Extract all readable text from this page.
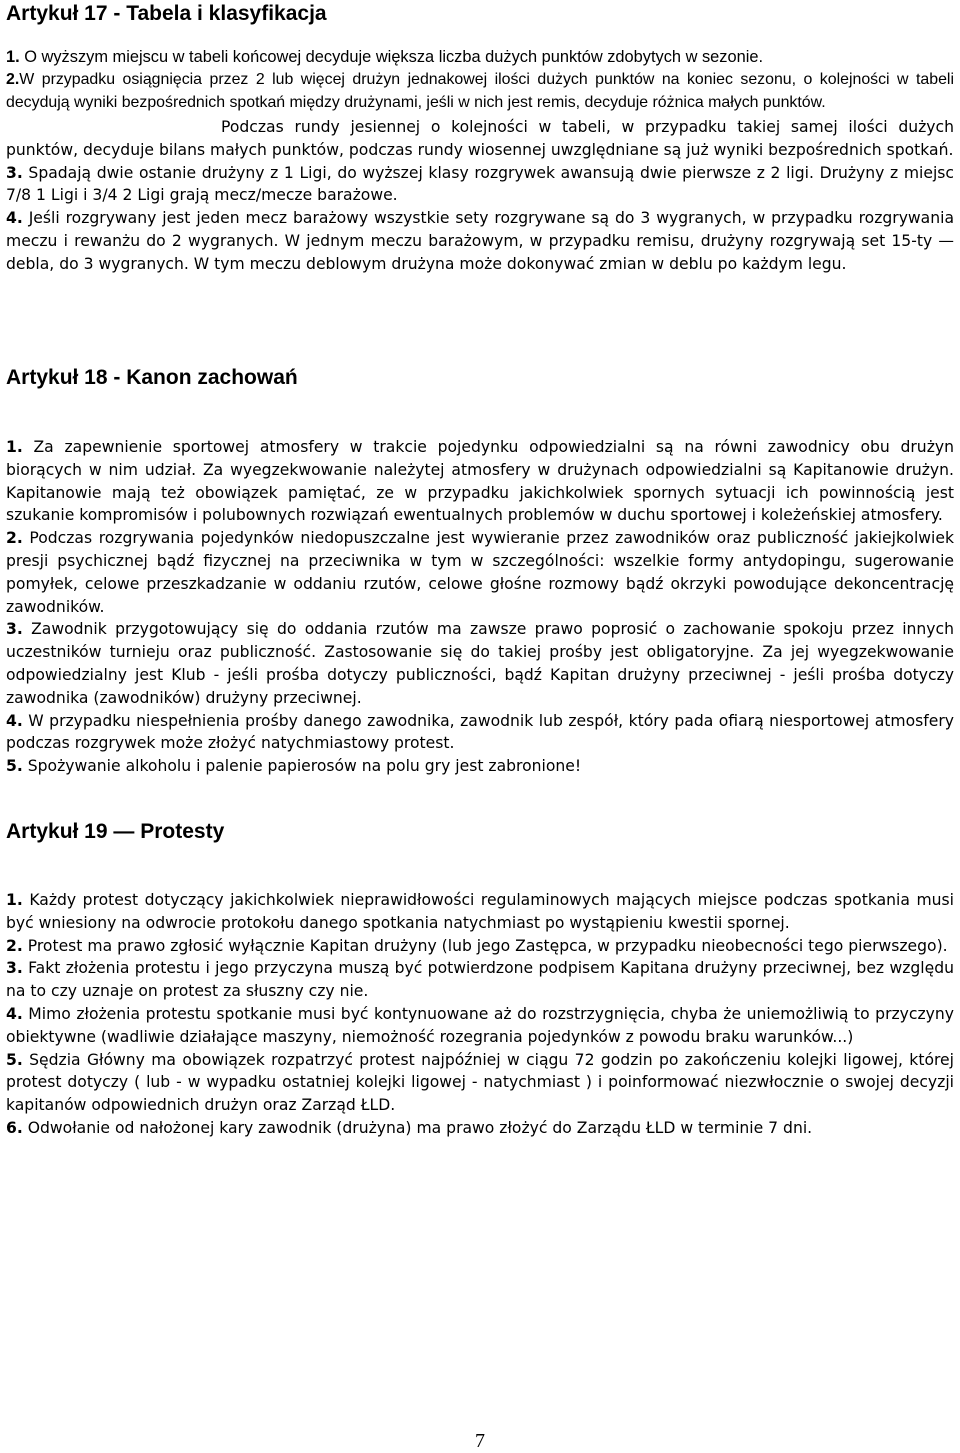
Artykuł 17 - Tabela i klasyfikacja

1. O wyższym miejscu w tabeli końcowej decyduje większa liczba dużych punktów zdobytych w sezonie.

2.W przypadku osiągnięcia przez 2 lub więcej drużyn jednakowej ilości dużych punktów na koniec sezonu, o kolejności w tabeli decydują wyniki bezpośrednich spotkań między drużynami, jeśli w nich jest remis, decyduje różnica małych punktów.

Podczas rundy jesiennej o kolejności w tabeli, w przypadku takiej samej ilości dużych punktów, decyduje bilans małych punktów, podczas rundy wiosennej uwzględniane są już wyniki bezpośrednich spotkań.

3. Spadają dwie ostanie drużyny z 1 Ligi, do wyższej klasy rozgrywek awansują dwie pierwsze z 2 ligi. Drużyny z miejsc 7/8 1 Ligi i 3/4 2 Ligi grają mecz/mecze barażowe.

4. Jeśli rozgrywany jest jeden mecz barażowy wszystkie sety rozgrywane są do 3 wygranych, w przypadku rozgrywania meczu i rewanżu do 2 wygranych. W jednym meczu barażowym, w przypadku remisu, drużyny rozgrywają set 15-ty — debla, do 3 wygranych. W tym meczu deblowym drużyna może dokonywać zmian w deblu po każdym legu.

Artykuł 18 - Kanon zachowań

1. Za zapewnienie sportowej atmosfery w trakcie pojedynku odpowiedzialni są na równi zawodnicy obu drużyn biorących w nim udział. Za wyegzekwowanie należytej atmosfery w drużynach odpowiedzialni są Kapitanowie drużyn. Kapitanowie mają też obowiązek pamiętać, ze w przypadku jakichkolwiek spornych sytuacji ich powinnością jest szukanie kompromisów i polubownych rozwiązań ewentualnych problemów w duchu sportowej i koleżeńskiej atmosfery.

2. Podczas rozgrywania pojedynków niedopuszczalne jest wywieranie przez zawodników oraz publiczność jakiejkolwiek presji psychicznej bądź fizycznej na przeciwnika w tym w szczególności: wszelkie formy antydopingu, sugerowanie pomyłek, celowe przeszkadzanie w oddaniu rzutów, celowe głośne rozmowy bądź okrzyki powodujące dekoncentrację zawodników.

3. Zawodnik przygotowujący się do oddania rzutów ma zawsze prawo poprosić o zachowanie spokoju przez innych uczestników turnieju oraz publiczność. Zastosowanie się do takiej prośby jest obligatoryjne. Za jej wyegzekwowanie odpowiedzialny jest Klub - jeśli prośba dotyczy publiczności, bądź Kapitan drużyny przeciwnej - jeśli prośba dotyczy zawodnika (zawodników) drużyny przeciwnej.

4. W przypadku niespełnienia prośby danego zawodnika, zawodnik lub zespół, który pada ofiarą niesportowej atmosfery podczas rozgrywek może złożyć natychmiastowy protest.

5. Spożywanie alkoholu i palenie papierosów na polu gry jest zabronione!

Artykuł 19 — Protesty

1. Każdy protest dotyczący jakichkolwiek nieprawidłowości regulaminowych mających miejsce podczas spotkania musi być wniesiony na odwrocie protokołu danego spotkania natychmiast po wystąpieniu kwestii spornej.

2. Protest ma prawo zgłosić wyłącznie Kapitan drużyny (lub jego Zastępca, w przypadku nieobecności tego pierwszego).

3. Fakt złożenia protestu i jego przyczyna muszą być potwierdzone podpisem Kapitana drużyny przeciwnej, bez względu na to czy uznaje on protest za słuszny czy nie.

4. Mimo złożenia protestu spotkanie musi być kontynuowane aż do rozstrzygnięcia, chyba że uniemożliwią to przyczyny obiektywne (wadliwie działające maszyny, niemożność rozegrania pojedynków z powodu braku warunków...)

5. Sędzia Główny ma obowiązek rozpatrzyć protest najpóźniej w ciągu 72 godzin po zakończeniu kolejki ligowej, której protest dotyczy ( lub - w wypadku ostatniej kolejki ligowej - natychmiast ) i poinformować niezwłocznie o swojej decyzji kapitanów odpowiednich drużyn oraz Zarząd ŁLD.

6. Odwołanie od nałożonej kary zawodnik (drużyna) ma prawo złożyć do Zarządu ŁLD w terminie 7 dni.

7
